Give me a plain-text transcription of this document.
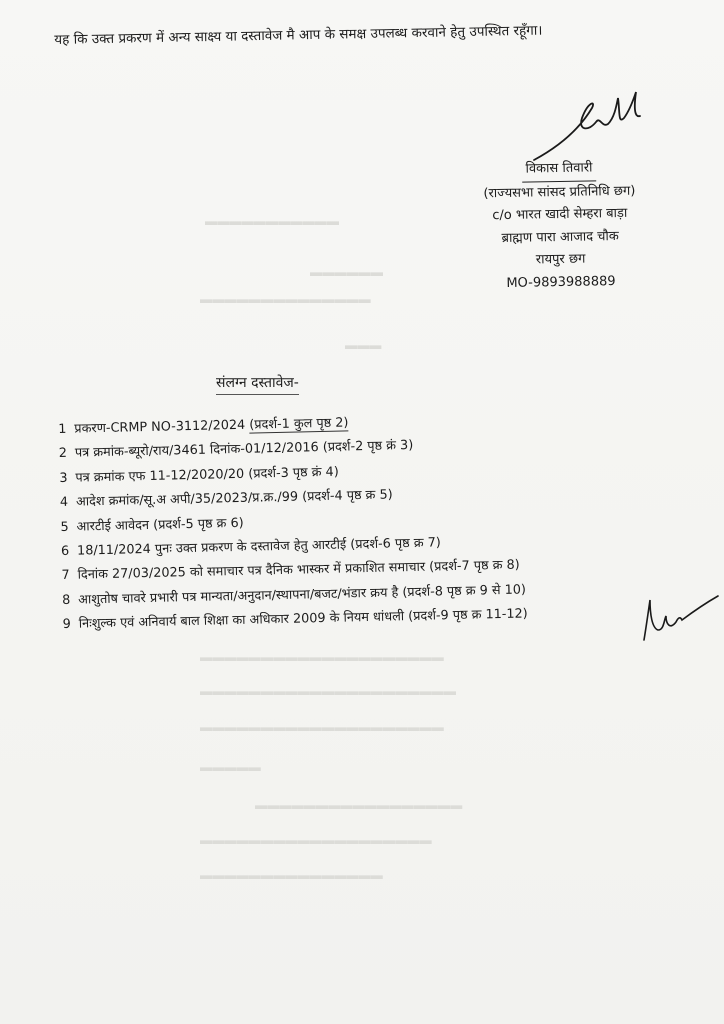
▬▬▬▬▬▬▬▬▬▬▬
▬▬▬▬▬▬
▬▬▬▬▬▬▬▬▬▬▬▬▬▬
▬▬▬
▬▬▬▬▬▬▬▬▬▬▬▬▬▬▬▬▬▬▬▬
▬▬▬▬▬▬▬▬▬▬▬▬▬▬▬▬▬▬▬▬▬
▬▬▬▬▬▬▬▬▬▬▬▬▬▬▬▬▬▬▬▬
▬▬▬▬▬
▬▬▬▬▬▬▬▬▬▬▬▬▬▬▬▬▬
▬▬▬▬▬▬▬▬▬▬▬▬▬▬▬▬▬▬▬
▬▬▬▬▬▬▬▬▬▬▬▬▬▬▬
यह कि उक्त प्रकरण में अन्य साक्ष्य या दस्तावेज मै आप के समक्ष उपलब्ध करवाने हेतु उपस्थित रहूँगा।
विकास तिवारी
(राज्यसभा सांसद प्रतिनिधि छग)
c/o भारत खादी सेम्हरा बाड़ा
ब्राह्मण पारा आजाद चौक
रायपुर छग
MO-9893988889
संलग्न दस्तावेज-
1 प्रकरण-CRMP NO-3112/2024 (प्रदर्श-1 कुल पृष्ठ 2)
2 पत्र क्रमांक-ब्यूरो/राय/3461 दिनांक-01/12/2016 (प्रदर्श-2 पृष्ठ क्रं 3)
3 पत्र क्रमांक एफ 11-12/2020/20 (प्रदर्श-3 पृष्ठ क्रं 4)
4 आदेश क्रमांक/सू.अ अपी/35/2023/प्र.क्र./99 (प्रदर्श-4 पृष्ठ क्र 5)
5 आरटीई आवेदन (प्रदर्श-5 पृष्ठ क्र 6)
6 18/11/2024 पुनः उक्त प्रकरण के दस्तावेज हेतु आरटीई (प्रदर्श-6 पृष्ठ क्र 7)
7 दिनांक 27/03/2025 को समाचार पत्र दैनिक भास्कर में प्रकाशित समाचार (प्रदर्श-7 पृष्ठ क्र 8)
8 आशुतोष चावरे प्रभारी पत्र मान्यता/अनुदान/स्थापना/बजट/भंडार क्रय है (प्रदर्श-8 पृष्ठ क्र 9 से 10)
9 निःशुल्क एवं अनिवार्य बाल शिक्षा का अधिकार 2009 के नियम धांधली (प्रदर्श-9 पृष्ठ क्र 11-12)
